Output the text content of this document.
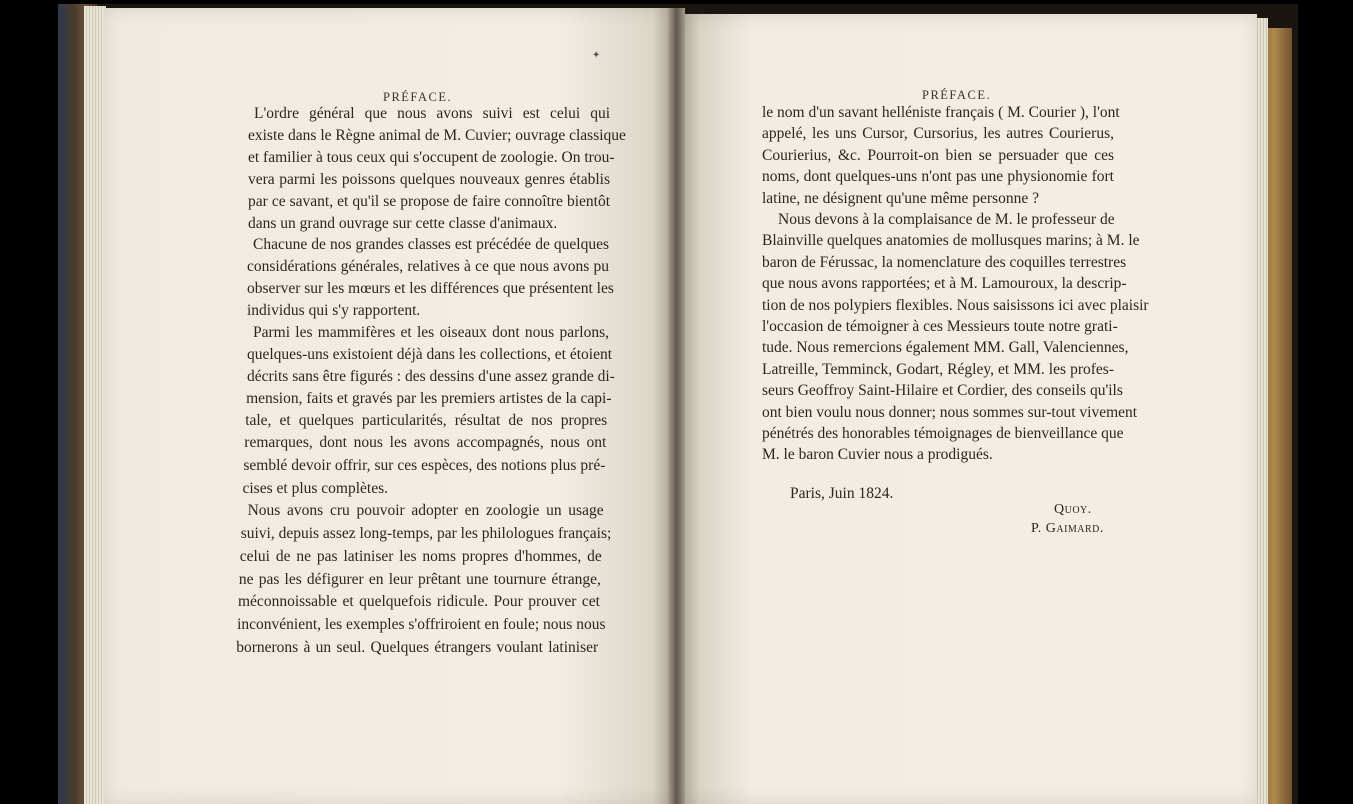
✦
PRÉFACE.
L'ordre général que nous avons suivi est celui qui
existe dans le Règne animal de M. Cuvier; ouvrage classique
et familier à tous ceux qui s'occupent de zoologie. On trou-
vera parmi les poissons quelques nouveaux genres établis
par ce savant, et qu'il se propose de faire connoître bientôt
dans un grand ouvrage sur cette classe d'animaux.
Chacune de nos grandes classes est précédée de quelques
considérations générales, relatives à ce que nous avons pu
observer sur les mœurs et les différences que présentent les
individus qui s'y rapportent.
Parmi les mammifères et les oiseaux dont nous parlons,
quelques-uns existoient déjà dans les collections, et étoient
décrits sans être figurés : des dessins d'une assez grande di-
mension, faits et gravés par les premiers artistes de la capi-
tale, et quelques particularités, résultat de nos propres
remarques, dont nous les avons accompagnés, nous ont
semblé devoir offrir, sur ces espèces, des notions plus pré-
cises et plus complètes.
Nous avons cru pouvoir adopter en zoologie un usage
suivi, depuis assez long-temps, par les philologues français;
celui de ne pas latiniser les noms propres d'hommes, de
ne pas les défigurer en leur prêtant une tournure étrange,
méconnoissable et quelquefois ridicule. Pour prouver cet
inconvénient, les exemples s'offriroient en foule; nous nous
bornerons à un seul. Quelques étrangers voulant latiniser
PRÉFACE.
le nom d'un savant helléniste français ( M. Courier ), l'ont
appelé, les uns Cursor, Cursorius, les autres Courierus,
Courierius, &c. Pourroit-on bien se persuader que ces
noms, dont quelques-uns n'ont pas une physionomie fort
latine, ne désignent qu'une même personne ?
Nous devons à la complaisance de M. le professeur de
Blainville quelques anatomies de mollusques marins; à M. le
baron de Férussac, la nomenclature des coquilles terrestres
que nous avons rapportées; et à M. Lamouroux, la descrip-
tion de nos polypiers flexibles. Nous saisissons ici avec plaisir
l'occasion de témoigner à ces Messieurs toute notre grati-
tude. Nous remercions également MM. Gall, Valenciennes,
Latreille, Temminck, Godart, Régley, et MM. les profes-
seurs Geoffroy Saint-Hilaire et Cordier, des conseils qu'ils
ont bien voulu nous donner; nous sommes sur-tout vivement
pénétrés des honorables témoignages de bienveillance que
M. le baron Cuvier nous a prodigués.
Paris, Juin 1824.
Quoy.
P. Gaimard.
